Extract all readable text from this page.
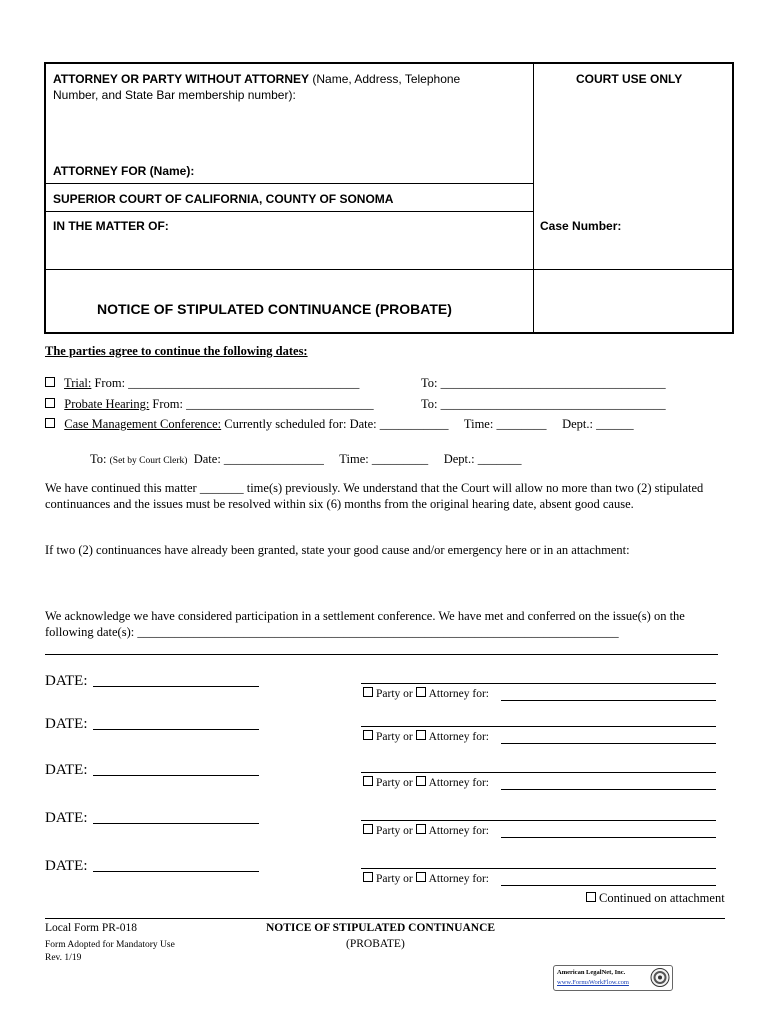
ATTORNEY OR PARTY WITHOUT ATTORNEY (Name, Address, Telephone
Number, and State Bar membership number):
COURT USE ONLY
ATTORNEY FOR (Name):
SUPERIOR COURT OF CALIFORNIA, COUNTY OF SONOMA
IN THE MATTER OF:	Case Number:
NOTICE OF STIPULATED CONTINUANCE (PROBATE)
The parties agree to continue the following dates:
Trial: From: _____________________________________	To: ____________________________________
Probate Hearing: From: ______________________________	To: ____________________________________
Case Management Conference: Currently scheduled for: Date: ___________     Time: ________     Dept.: ______
To: (Set by Court Clerk) Date: ________________     Time: _________     Dept.: _______
We have continued this matter _______ time(s) previously. We understand that the Court will allow no more than two (2) stipulated continuances and the issues must be resolved within six (6) months from the original hearing date, absent good cause.
If two (2) continuances have already been granted, state your good cause and/or emergency here or in an attachment:
We acknowledge we have considered participation in a settlement conference. We have met and conferred on the issue(s) on the following date(s): _____________________________________________________________________________
DATE:
Party or Attorney for:
DATE:
Party or Attorney for:
DATE:
Party or Attorney for:
DATE:
Party or Attorney for:
DATE:
Party or Attorney for:
Continued on attachment
Local Form PR-018
Form Adopted for Mandatory Use
Rev. 1/19
NOTICE OF STIPULATED CONTINUANCE
(PROBATE)
American LegalNet, Inc.
www.FormsWorkFlow.com
